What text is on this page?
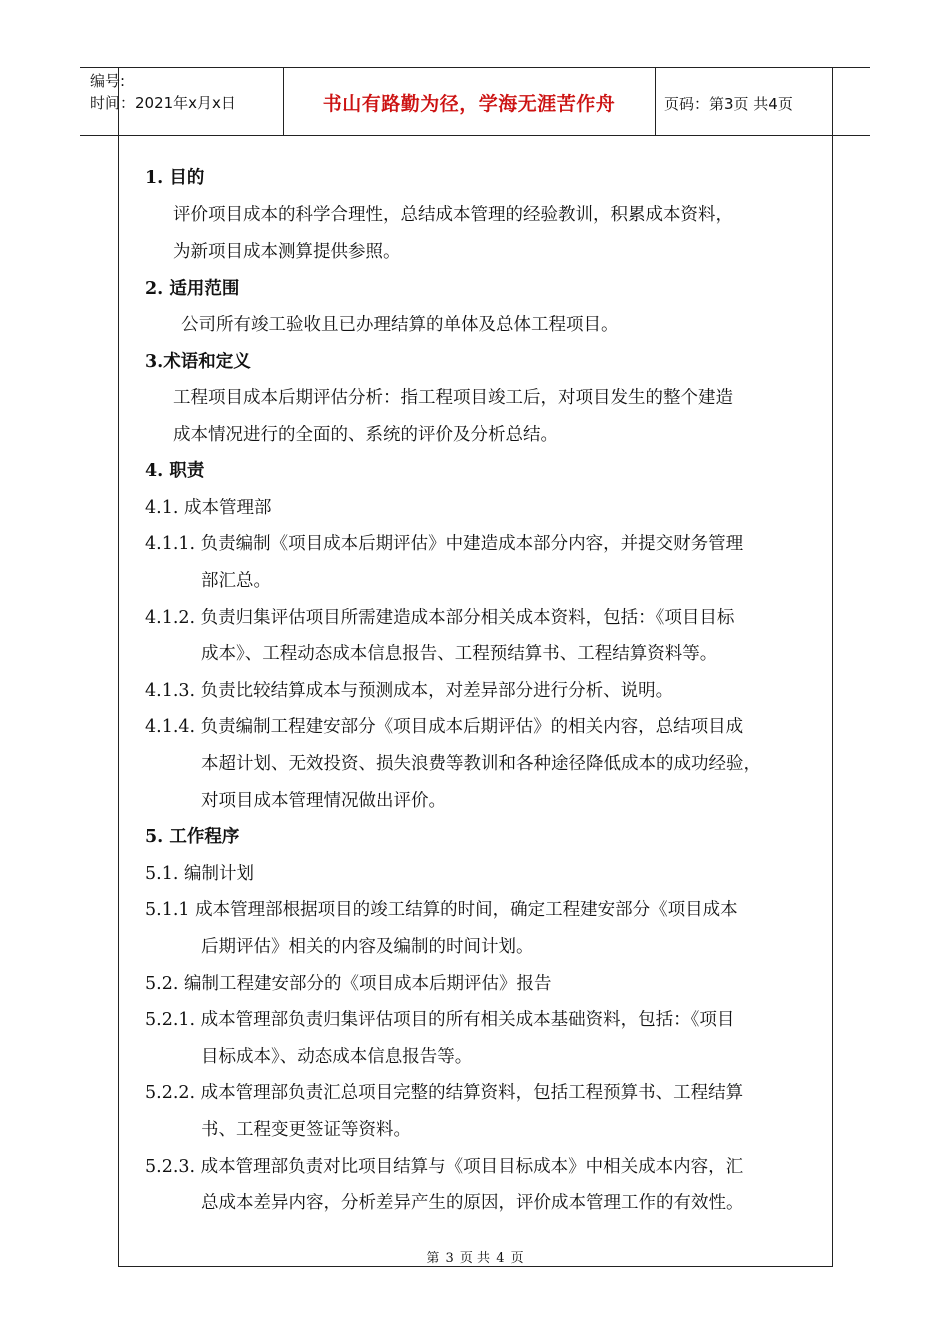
编号:
时间：2021年x月x日	书山有路勤为径，学海无涯苦作舟	页码：第3页 共4页
1. 目的
评价项目成本的科学合理性，总结成本管理的经验教训，积累成本资料，
为新项目成本测算提供参照。
2. 适用范围
公司所有竣工验收且已办理结算的单体及总体工程项目。
3.术语和定义
工程项目成本后期评估分析：指工程项目竣工后，对项目发生的整个建造
成本情况进行的全面的、系统的评价及分析总结。
4. 职责
4.1. 成本管理部
4.1.1. 负责编制《项目成本后期评估》中建造成本部分内容，并提交财务管理
部汇总。
4.1.2. 负责归集评估项目所需建造成本部分相关成本资料，包括：《项目目标
成本》、工程动态成本信息报告、工程预结算书、工程结算资料等。
4.1.3. 负责比较结算成本与预测成本，对差异部分进行分析、说明。
4.1.4. 负责编制工程建安部分《项目成本后期评估》的相关内容，总结项目成
本超计划、无效投资、损失浪费等教训和各种途径降低成本的成功经验，
对项目成本管理情况做出评价。
5. 工作程序
5.1. 编制计划
5.1.1 成本管理部根据项目的竣工结算的时间，确定工程建安部分《项目成本
后期评估》相关的内容及编制的时间计划。
5.2. 编制工程建安部分的《项目成本后期评估》报告
5.2.1. 成本管理部负责归集评估项目的所有相关成本基础资料，包括：《项目
目标成本》、动态成本信息报告等。
5.2.2. 成本管理部负责汇总项目完整的结算资料，包括工程预算书、工程结算
书、工程变更签证等资料。
5.2.3. 成本管理部负责对比项目结算与《项目目标成本》中相关成本内容，汇
总成本差异内容，分析差异产生的原因，评价成本管理工作的有效性。
第 3 页 共 4 页
